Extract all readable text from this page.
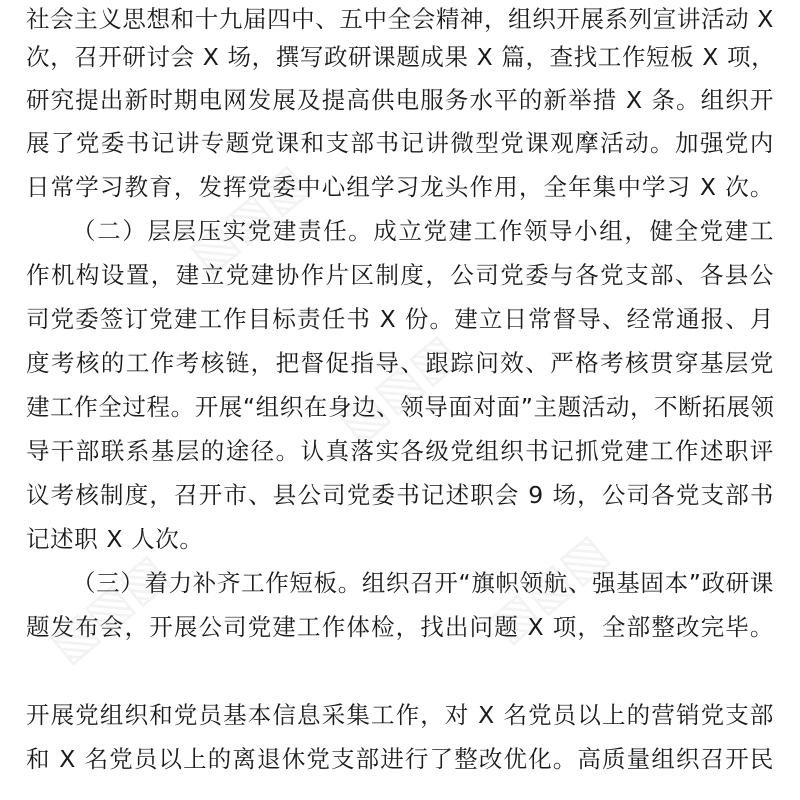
▧▧▧
▧▧▧
▧▧▧
▧▧▧
社会主义思想和十九届四中、五中全会精神，组织开展系列宣讲活动 X
次，召开研讨会 X 场，撰写政研课题成果 X 篇，查找工作短板 X 项，
研究提出新时期电网发展及提高供电服务水平的新举措 X 条。组织开
展了党委书记讲专题党课和支部书记讲微型党课观摩活动。加强党内
日常学习教育，发挥党委中心组学习龙头作用，全年集中学习 X 次。
（二）层层压实党建责任。成立党建工作领导小组，健全党建工
作机构设置，建立党建协作片区制度，公司党委与各党支部、各县公
司党委签订党建工作目标责任书 X 份。建立日常督导、经常通报、月
度考核的工作考核链，把督促指导、跟踪问效、严格考核贯穿基层党
建工作全过程。开展“组织在身边、领导面对面”主题活动，不断拓展领
导干部联系基层的途径。认真落实各级党组织书记抓党建工作述职评
议考核制度，召开市、县公司党委书记述职会 9 场，公司各党支部书
记述职 X 人次。
（三）着力补齐工作短板。组织召开“旗帜领航、强基固本”政研课
题发布会，开展公司党建工作体检，找出问题 X 项，全部整改完毕。
开展党组织和党员基本信息采集工作，对 X 名党员以上的营销党支部
和 X 名党员以上的离退休党支部进行了整改优化。高质量组织召开民
